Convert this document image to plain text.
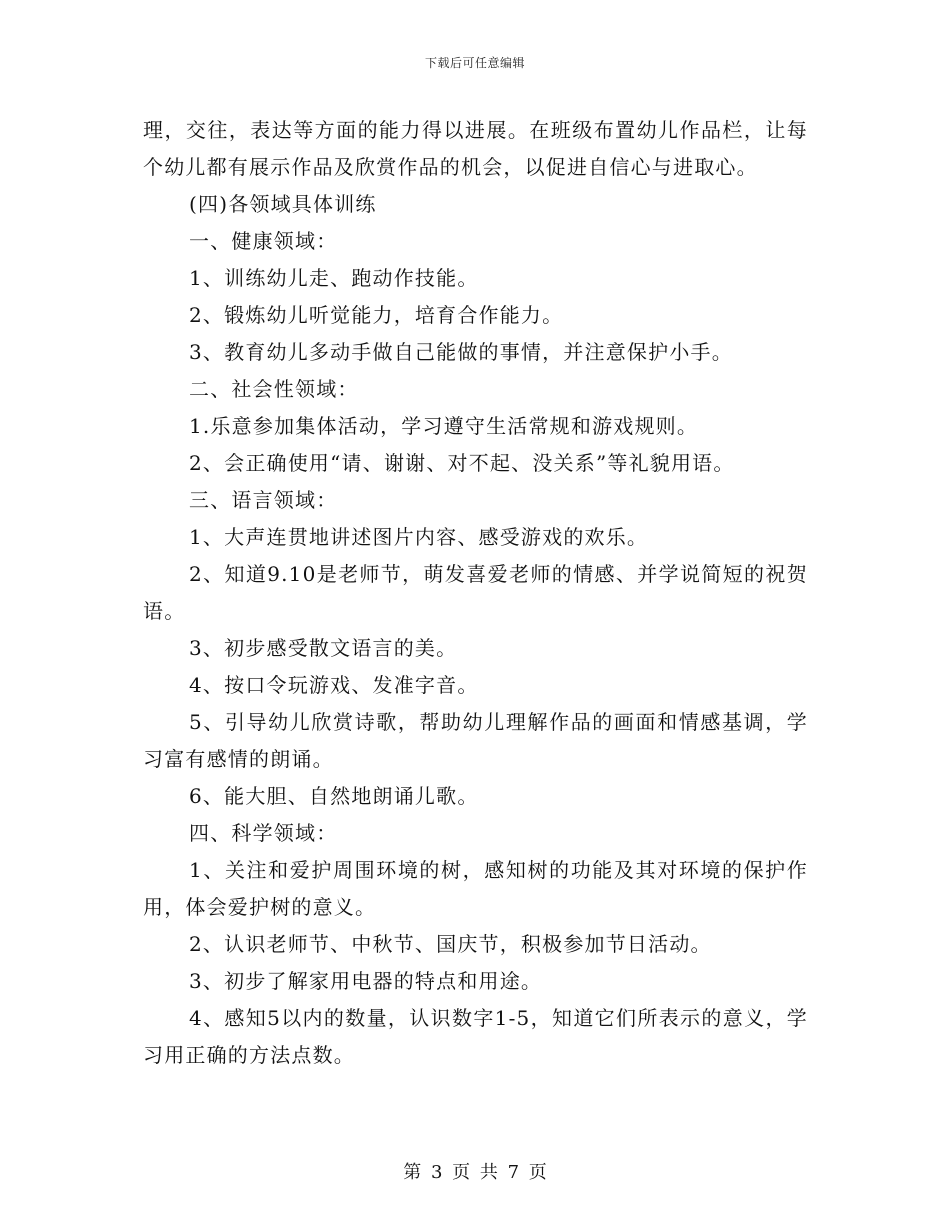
下载后可任意编辑

理，交往，表达等方面的能力得以进展。在班级布置幼儿作品栏，让每个幼儿都有展示作品及欣赏作品的机会，以促进自信心与进取心。

(四)各领域具体训练

一、健康领域：

1、训练幼儿走、跑动作技能。

2、锻炼幼儿听觉能力，培育合作能力。

3、教育幼儿多动手做自己能做的事情，并注意保护小手。

二、社会性领域：

1.乐意参加集体活动，学习遵守生活常规和游戏规则。

2、会正确使用“请、谢谢、对不起、没关系”等礼貌用语。

三、语言领域：

1、大声连贯地讲述图片内容、感受游戏的欢乐。

2、知道9.10是老师节，萌发喜爱老师的情感、并学说简短的祝贺语。

3、初步感受散文语言的美。

4、按口令玩游戏、发准字音。

5、引导幼儿欣赏诗歌，帮助幼儿理解作品的画面和情感基调，学习富有感情的朗诵。

6、能大胆、自然地朗诵儿歌。

四、科学领域：

1、关注和爱护周围环境的树，感知树的功能及其对环境的保护作用，体会爱护树的意义。

2、认识老师节、中秋节、国庆节，积极参加节日活动。

3、初步了解家用电器的特点和用途。

4、感知5以内的数量，认识数字1-5，知道它们所表示的意义，学习用正确的方法点数。

第 3 页 共 7 页
